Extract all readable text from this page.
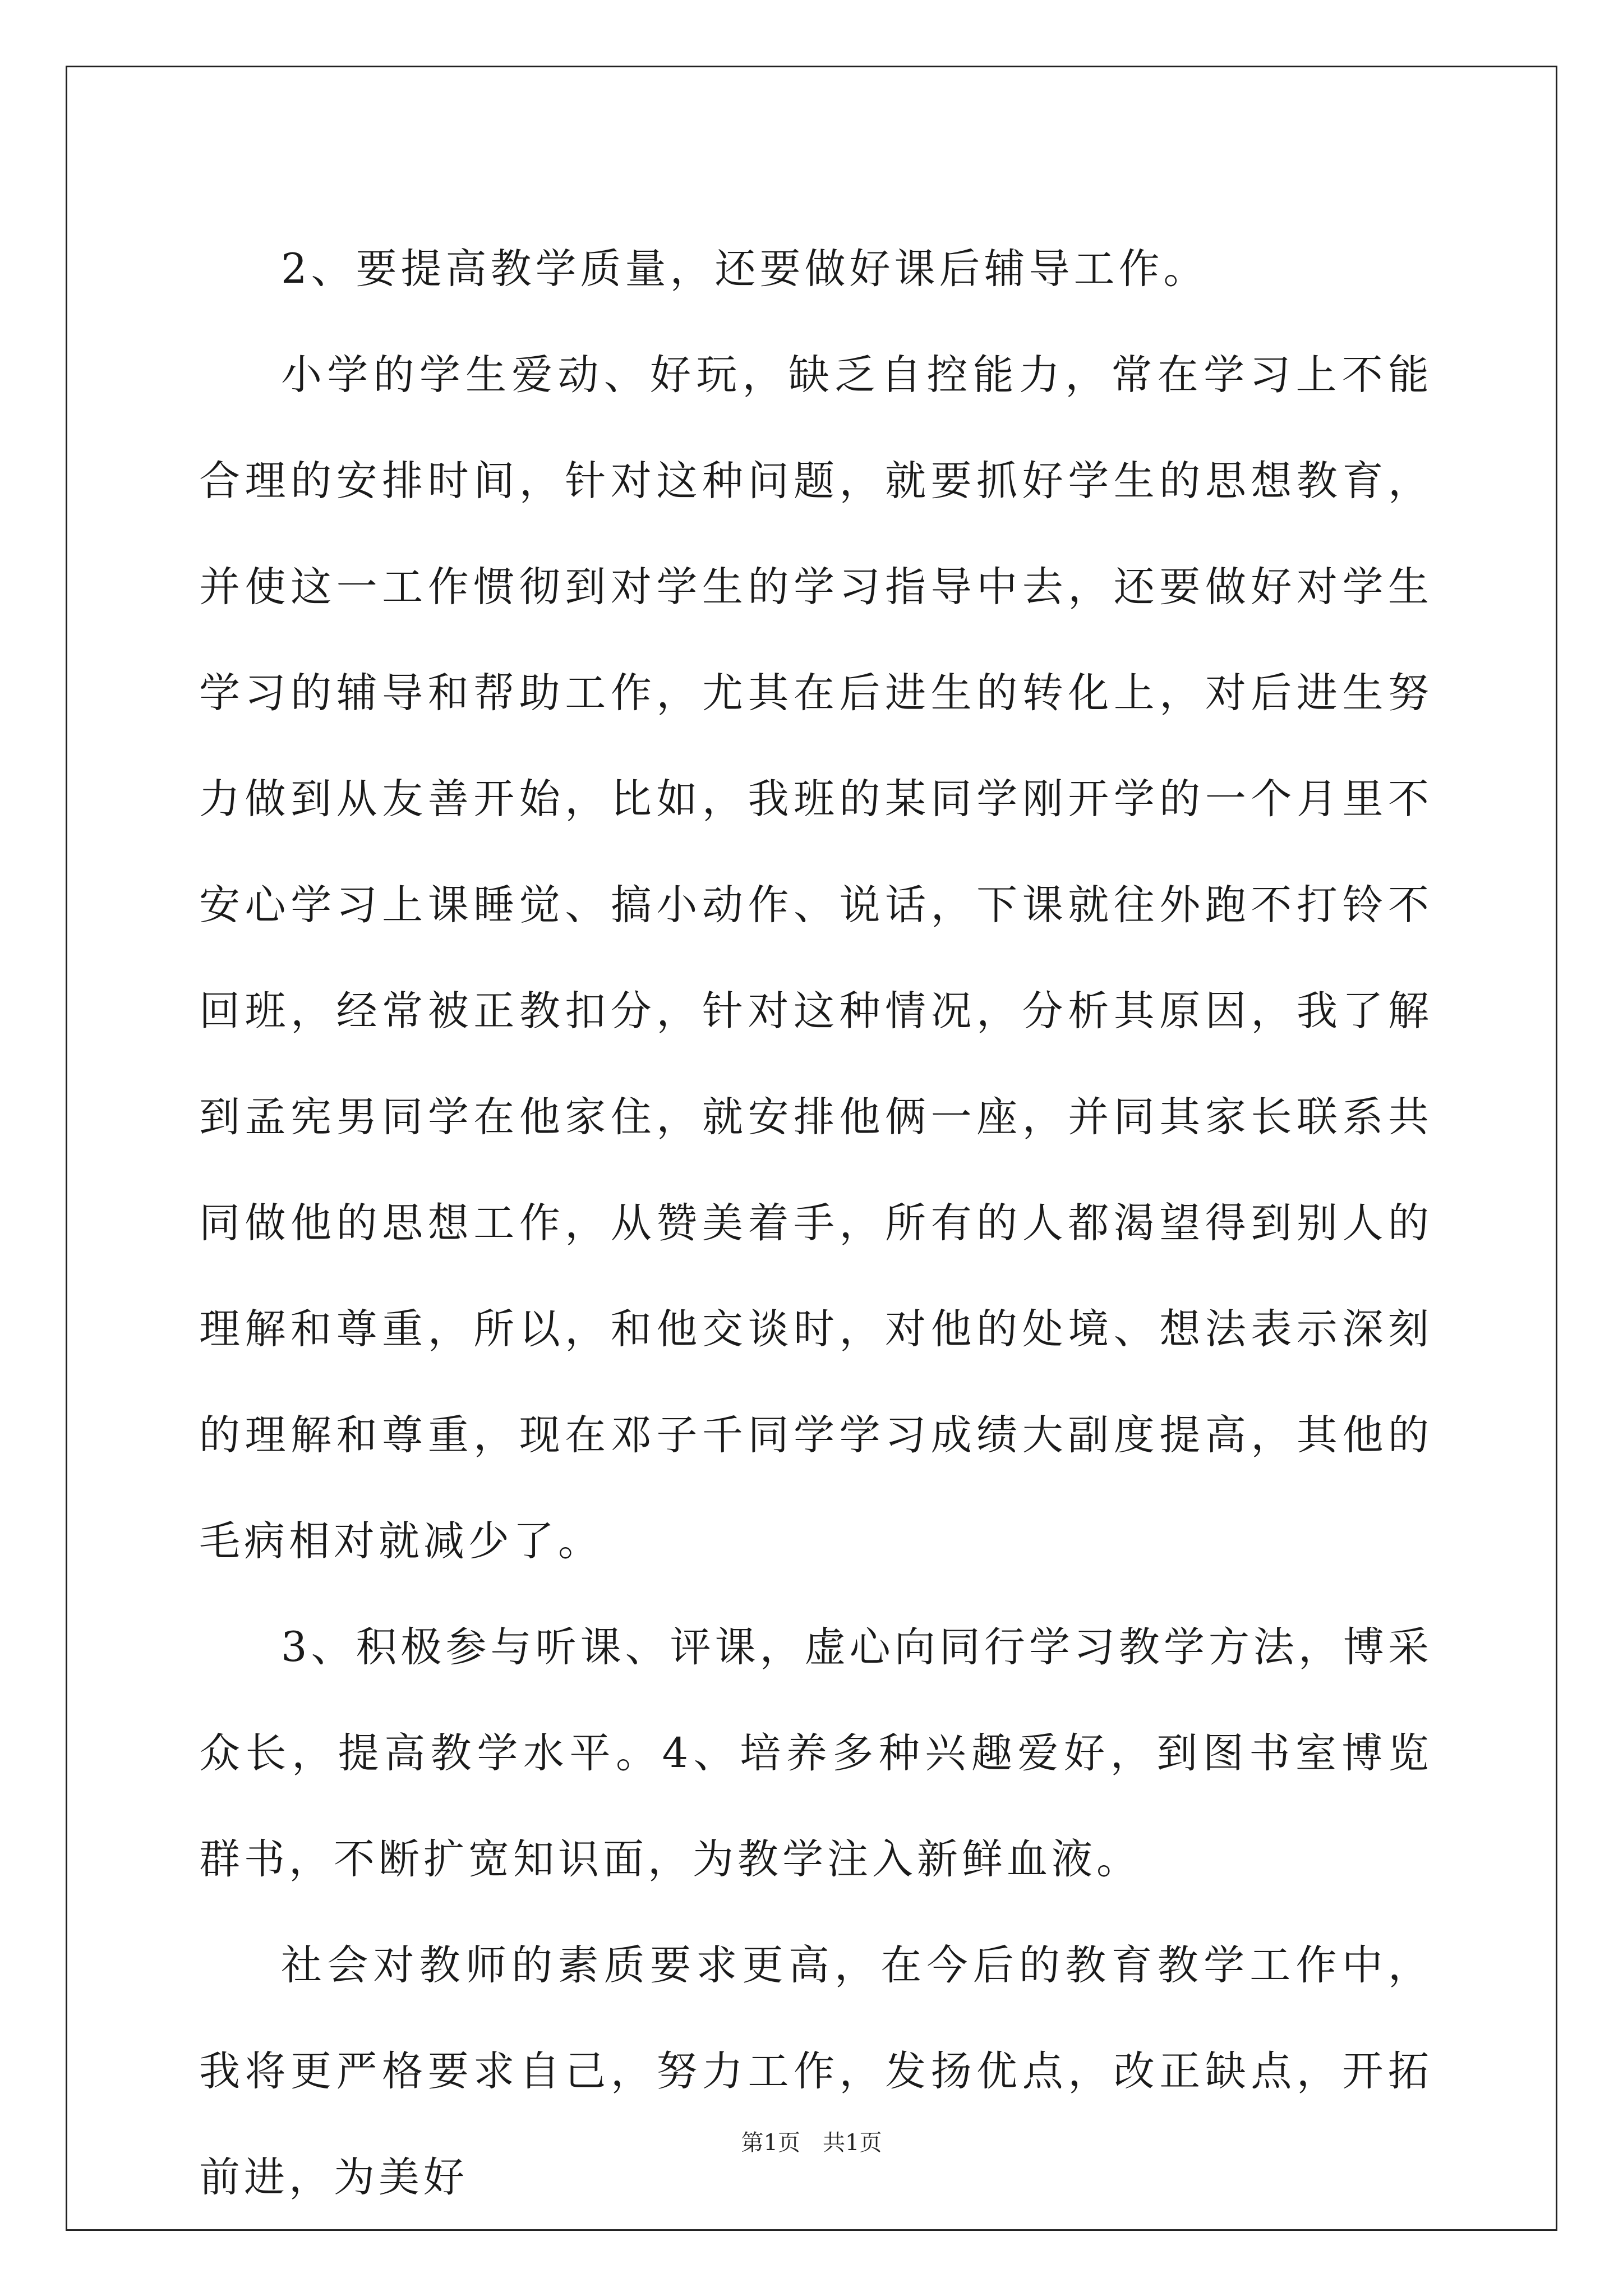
2、要提高教学质量，还要做好课后辅导工作。

小学的学生爱动、好玩，缺乏自控能力，常在学习上不能合理的安排时间，针对这种问题，就要抓好学生的思想教育，并使这一工作惯彻到对学生的学习指导中去，还要做好对学生学习的辅导和帮助工作，尤其在后进生的转化上，对后进生努力做到从友善开始，比如，我班的某同学刚开学的一个月里不安心学习上课睡觉、搞小动作、说话，下课就往外跑不打铃不回班，经常被正教扣分，针对这种情况，分析其原因，我了解到孟宪男同学在他家住，就安排他俩一座，并同其家长联系共同做他的思想工作，从赞美着手，所有的人都渴望得到别人的理解和尊重，所以，和他交谈时，对他的处境、想法表示深刻的理解和尊重，现在邓子千同学学习成绩大副度提高，其他的毛病相对就减少了。

3、积极参与听课、评课，虚心向同行学习教学方法，博采众长，提高教学水平。4、培养多种兴趣爱好，到图书室博览群书，不断扩宽知识面，为教学注入新鲜血液。

社会对教师的素质要求更高，在今后的教育教学工作中，我将更严格要求自己，努力工作，发扬优点，改正缺点，开拓前进，为美好

第1页　共1页
